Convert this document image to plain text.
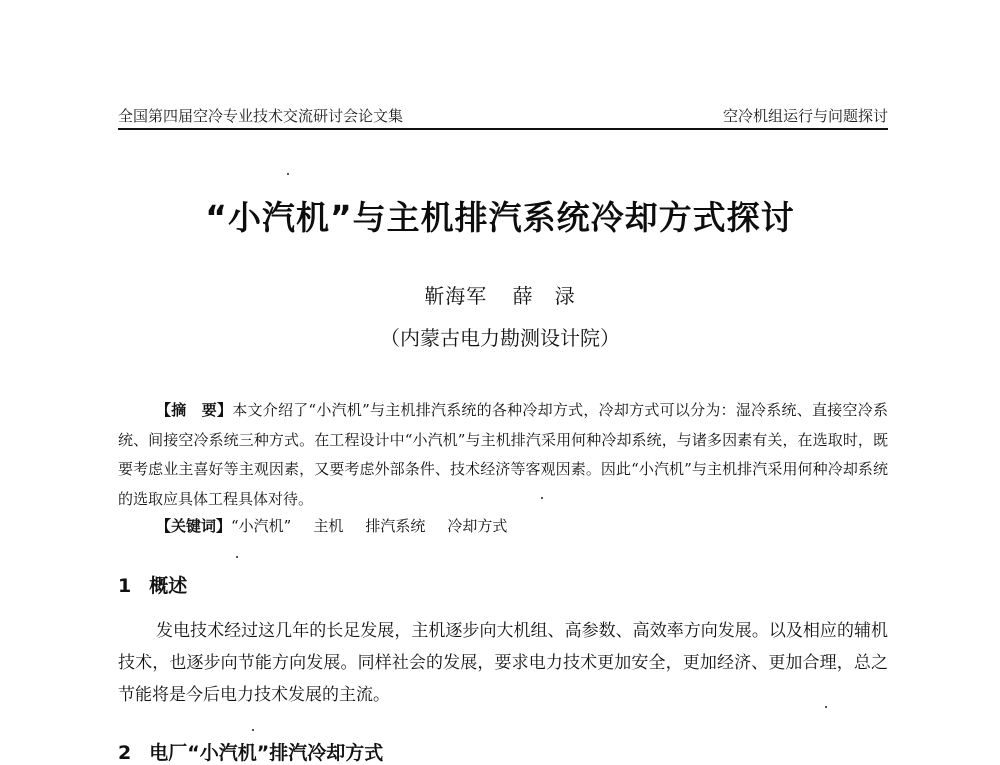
全国第四届空冷专业技术交流研讨会论文集	空冷机组运行与问题探讨
“小汽机”与主机排汽系统冷却方式探讨
靳海军 薛　渌
（内蒙古电力勘测设计院）

【摘　要】本文介绍了“小汽机”与主机排汽系统的各种冷却方式，冷却方式可以分为：湿冷系统、直接空冷系统、间接空冷系统三种方式。在工程设计中“小汽机”与主机排汽采用何种冷却系统，与诸多因素有关，在选取时，既要考虑业主喜好等主观因素，又要考虑外部条件、技术经济等客观因素。因此“小汽机”与主机排汽采用何种冷却系统的选取应具体工程具体对待。

【关键词】“小汽机” 主机 排汽系统 冷却方式
1 概述

发电技术经过这几年的长足发展，主机逐步向大机组、高参数、高效率方向发展。以及相应的辅机技术，也逐步向节能方向发展。同样社会的发展，要求电力技术更加安全，更加经济、更加合理，总之节能将是今后电力技术发展的主流。

2 电厂“小汽机”排汽冷却方式
